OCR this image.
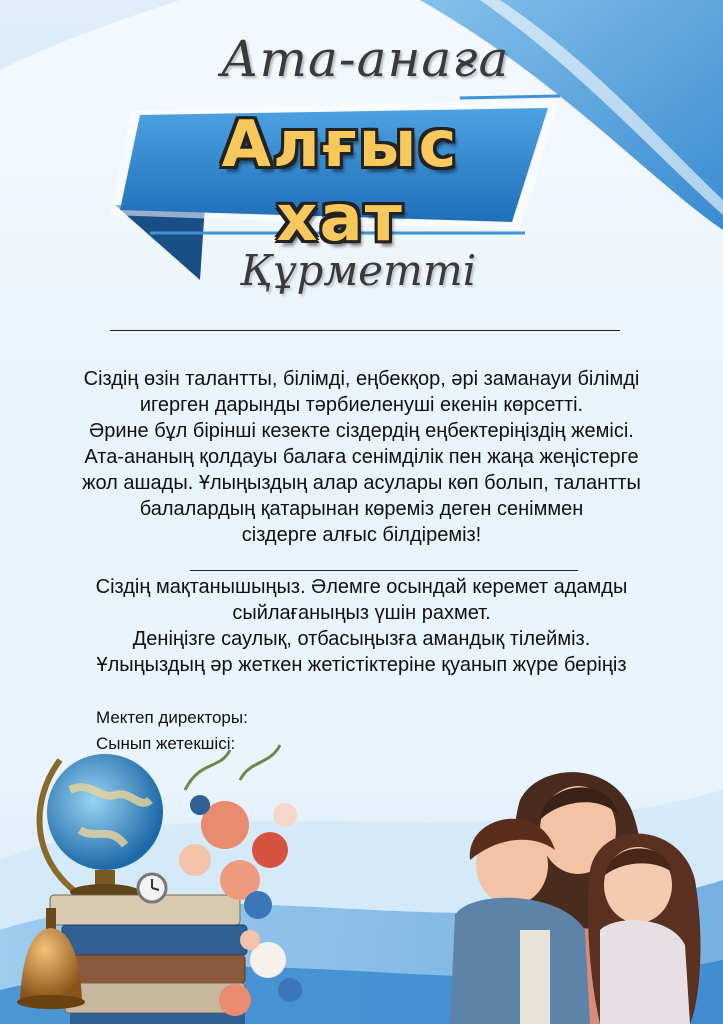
Ата-анаға
Алғыс хат
Құрметті

Сіздің өзін талантты, білімді, еңбекқор, әрі заманауи білімді
игерген дарынды тәрбиеленуші екенін көрсетті.
Әрине бұл бірінші кезекте сіздердің еңбектеріңіздің жемісі.
Ата-ананың қолдауы балаға сенімділік пен жаңа жеңістерге
жол ашады. Ұлыңыздың алар асулары көп болып, талантты
балалардың қатарынан көреміз деген сеніммен
сіздерге алғыс білдіреміз!

Сіздің мақтанышыңыз. Әлемге осындай керемет адамды
сыйлағаныңыз үшін рахмет.
Деніңізге саулық, отбасыңызға амандық тілейміз.
Ұлыңыздың әр жеткен жетістіктеріне қуанып жүре беріңіз

Мектеп директоры:
Сынып жетекшісі:
